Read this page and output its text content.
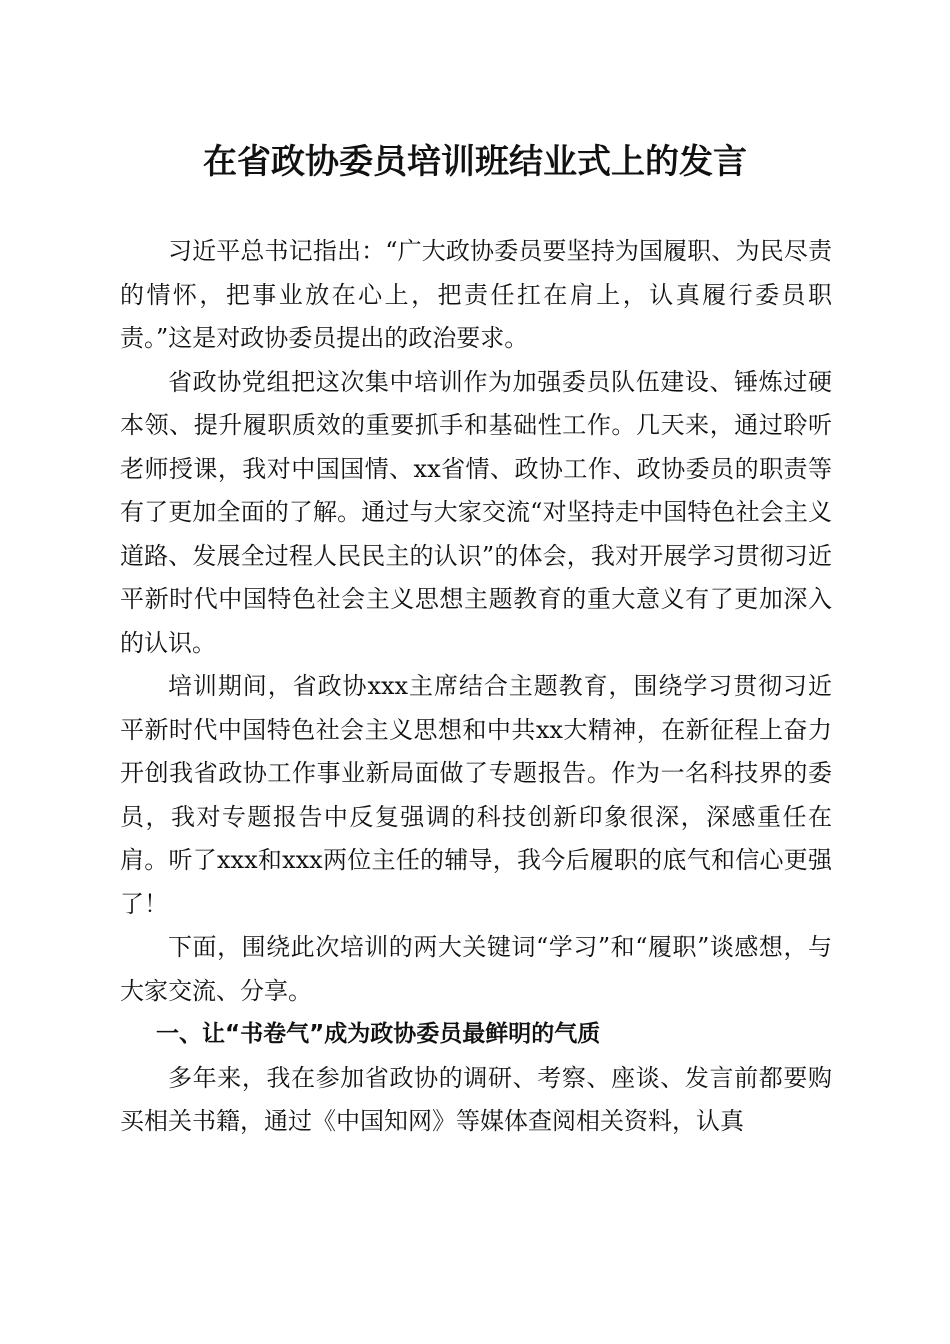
在省政协委员培训班结业式上的发言

习近平总书记指出：“广大政协委员要坚持为国履职、为民尽责的情怀，把事业放在心上，把责任扛在肩上，认真履行委员职责。”这是对政协委员提出的政治要求。

省政协党组把这次集中培训作为加强委员队伍建设、锤炼过硬本领、提升履职质效的重要抓手和基础性工作。几天来，通过聆听老师授课，我对中国国情、xx省情、政协工作、政协委员的职责等有了更加全面的了解。通过与大家交流“对坚持走中国特色社会主义道路、发展全过程人民民主的认识”的体会，我对开展学习贯彻习近平新时代中国特色社会主义思想主题教育的重大意义有了更加深入的认识。

培训期间，省政协xxx主席结合主题教育，围绕学习贯彻习近平新时代中国特色社会主义思想和中共xx大精神，在新征程上奋力开创我省政协工作事业新局面做了专题报告。作为一名科技界的委员，我对专题报告中反复强调的科技创新印象很深，深感重任在肩。听了xxx和xxx两位主任的辅导，我今后履职的底气和信心更强了！

下面，围绕此次培训的两大关键词“学习”和“履职”谈感想，与大家交流、分享。

一、让“书卷气”成为政协委员最鲜明的气质

多年来，我在参加省政协的调研、考察、座谈、发言前都要购买相关书籍，通过《中国知网》等媒体查阅相关资料，认真
